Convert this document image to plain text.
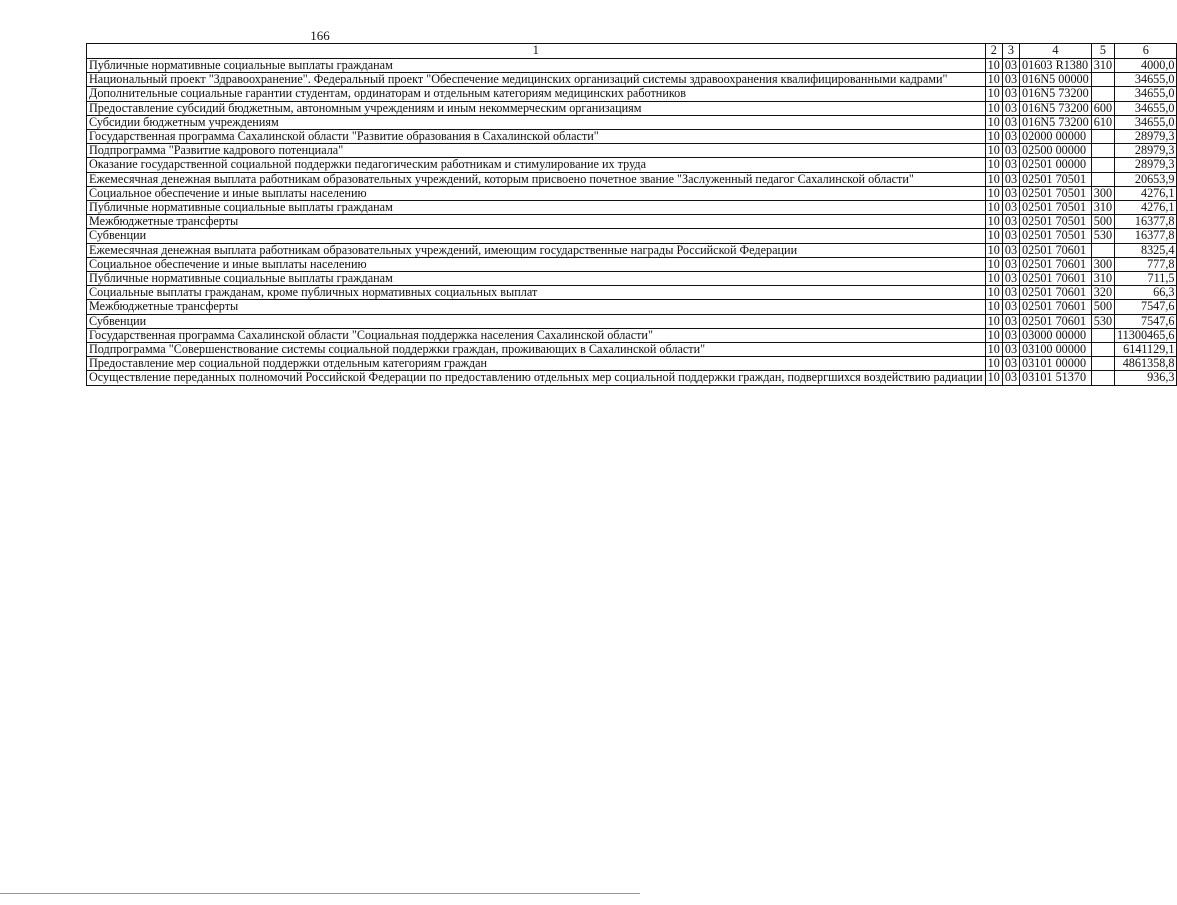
166
1	2	3	4	5	6
Публичные нормативные социальные выплаты гражданам	10	03	01603 R1380	310	4000,0
Национальный проект "Здравоохранение". Федеральный проект "Обеспечение медицинских организаций системы здравоохранения квалифицированными кадрами"	10	03	016N5 00000		34655,0
Дополнительные социальные гарантии студентам, ординаторам и отдельным категориям медицинских работников	10	03	016N5 73200		34655,0
Предоставление субсидий бюджетным, автономным учреждениям и иным некоммерческим организациям	10	03	016N5 73200	600	34655,0
Субсидии бюджетным учреждениям	10	03	016N5 73200	610	34655,0
Государственная программа Сахалинской области "Развитие образования в Сахалинской области"	10	03	02000 00000		28979,3
Подпрограмма "Развитие кадрового потенциала"	10	03	02500 00000		28979,3
Оказание государственной социальной поддержки педагогическим работникам и стимулирование их труда	10	03	02501 00000		28979,3
Ежемесячная денежная выплата работникам образовательных учреждений, которым присвоено почетное звание "Заслуженный педагог Сахалинской области"	10	03	02501 70501		20653,9
Социальное обеспечение и иные выплаты населению	10	03	02501 70501	300	4276,1
Публичные нормативные социальные выплаты гражданам	10	03	02501 70501	310	4276,1
Межбюджетные трансферты	10	03	02501 70501	500	16377,8
Субвенции	10	03	02501 70501	530	16377,8
Ежемесячная денежная выплата работникам образовательных учреждений, имеющим государственные награды Российской Федерации	10	03	02501 70601		8325,4
Социальное обеспечение и иные выплаты населению	10	03	02501 70601	300	777,8
Публичные нормативные социальные выплаты гражданам	10	03	02501 70601	310	711,5
Социальные выплаты гражданам, кроме публичных нормативных социальных выплат	10	03	02501 70601	320	66,3
Межбюджетные трансферты	10	03	02501 70601	500	7547,6
Субвенции	10	03	02501 70601	530	7547,6
Государственная программа Сахалинской области "Социальная поддержка населения Сахалинской области"	10	03	03000 00000		11300465,6
Подпрограмма "Совершенствование системы социальной поддержки граждан, проживающих в Сахалинской области"	10	03	03100 00000		6141129,1
Предоставление мер социальной поддержки отдельным категориям граждан	10	03	03101 00000		4861358,8
Осуществление переданных полномочий Российской Федерации по предоставлению отдельных мер социальной поддержки граждан, подвергшихся воздействию радиации	10	03	03101 51370		936,3
